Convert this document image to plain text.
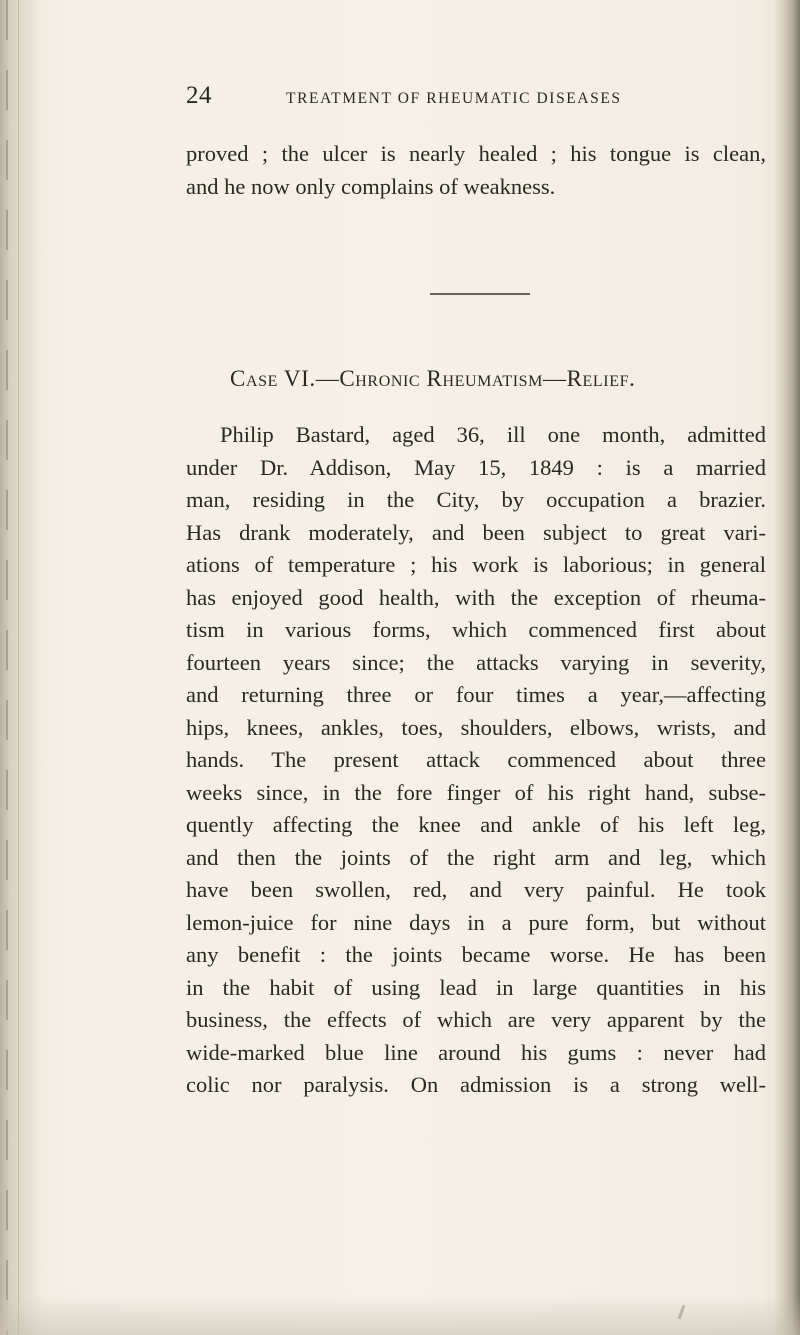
24	TREATMENT OF RHEUMATIC DISEASES
proved ; the ulcer is nearly healed ; his tongue is clean,
and he now only complains of weakness.
Case VI.—Chronic Rheumatism—Relief.
Philip Bastard, aged 36, ill one month, admitted
under Dr. Addison, May 15, 1849 : is a married
man, residing in the City, by occupation a brazier.
Has drank moderately, and been subject to great vari-
ations of temperature ; his work is laborious; in general
has enjoyed good health, with the exception of rheuma-
tism in various forms, which commenced first about
fourteen years since; the attacks varying in severity,
and returning three or four times a year,—affecting
hips, knees, ankles, toes, shoulders, elbows, wrists, and
hands. The present attack commenced about three
weeks since, in the fore finger of his right hand, subse-
quently affecting the knee and ankle of his left leg,
and then the joints of the right arm and leg, which
have been swollen, red, and very painful. He took
lemon-juice for nine days in a pure form, but without
any benefit : the joints became worse. He has been
in the habit of using lead in large quantities in his
business, the effects of which are very apparent by the
wide-marked blue line around his gums : never had
colic nor paralysis. On admission is a strong well-
